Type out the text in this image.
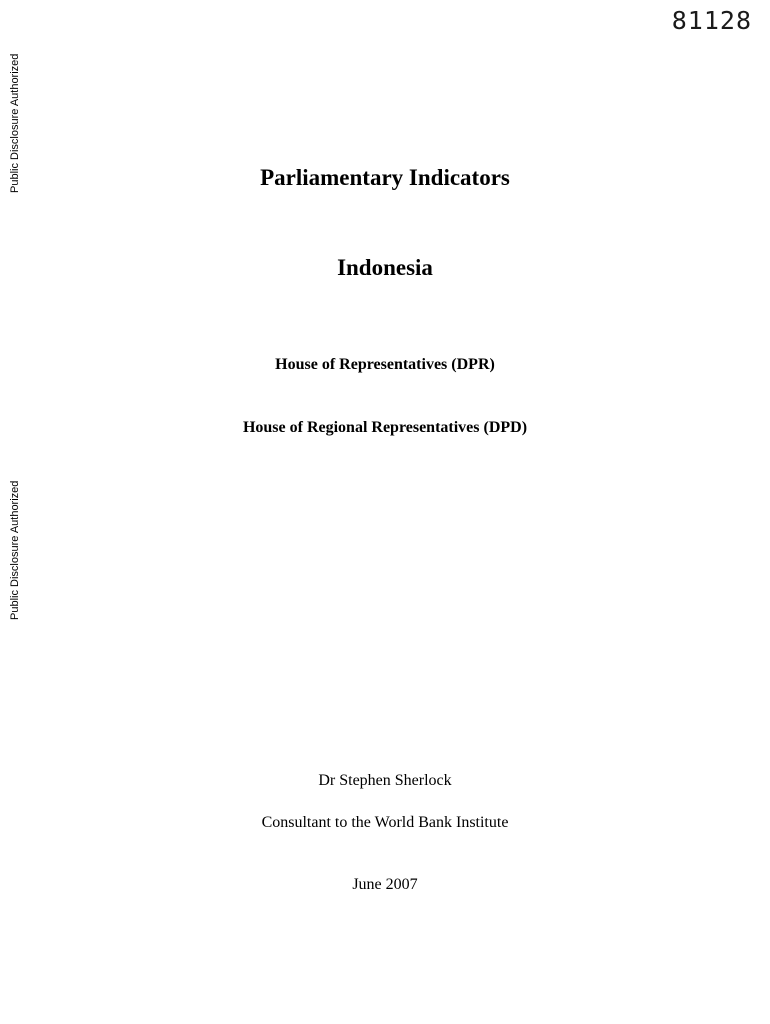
81128
Public Disclosure Authorized
Public Disclosure Authorized
Parliamentary Indicators
Indonesia
House of Representatives (DPR)
House of Regional Representatives (DPD)
Dr Stephen Sherlock
Consultant to the World Bank Institute
June 2007
